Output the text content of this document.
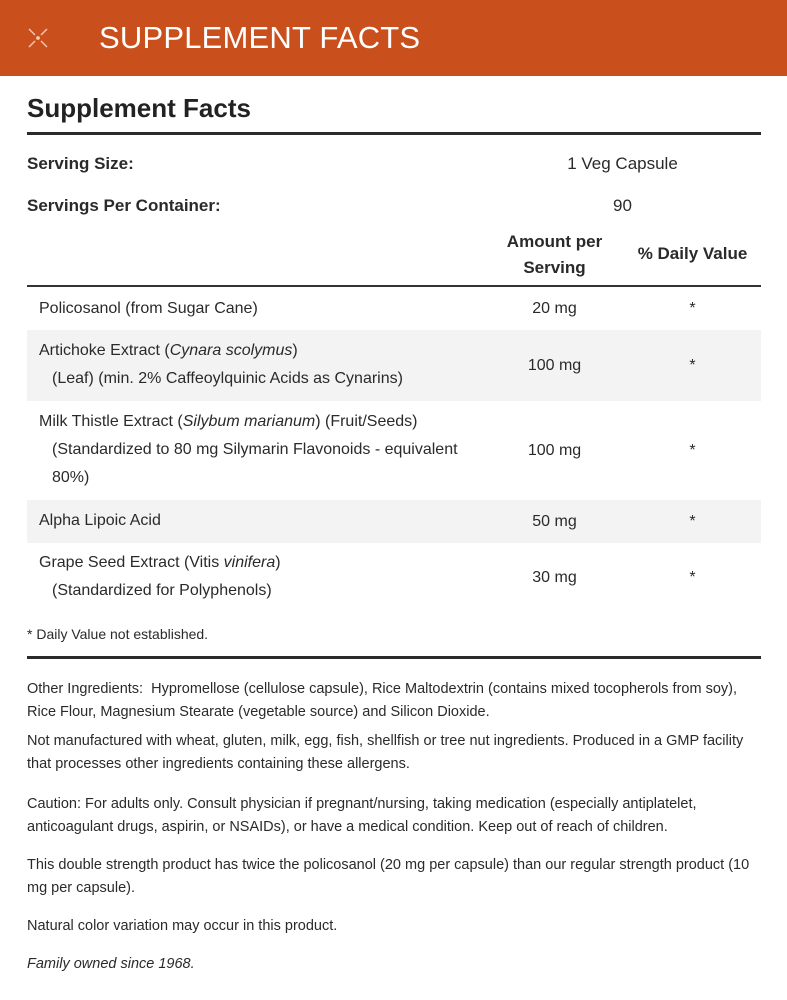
SUPPLEMENT FACTS
Supplement Facts
Serving Size:	1 Veg Capsule
Servings Per Container:	90
Amount per
Serving
% Daily Value
Policosanol (from Sugar Cane)	20 mg	*
Artichoke Extract (Cynara scolymus)
(Leaf) (min. 2% Caffeoylquinic Acids as Cynarins)
100 mg	*
Milk Thistle Extract (Silybum marianum) (Fruit/Seeds)
(Standardized to 80 mg Silymarin Flavonoids - equivalent
80%)
100 mg	*
Alpha Lipoic Acid	50 mg	*
Grape Seed Extract (Vitis vinifera)
(Standardized for Polyphenols)
30 mg	*
* Daily Value not established.
Other Ingredients: Hypromellose (cellulose capsule), Rice Maltodextrin (contains mixed tocopherols from soy), Rice Flour, Magnesium Stearate (vegetable source) and Silicon Dioxide.
Not manufactured with wheat, gluten, milk, egg, fish, shellfish or tree nut ingredients. Produced in a GMP facility that processes other ingredients containing these allergens.
Caution: For adults only. Consult physician if pregnant/nursing, taking medication (especially antiplatelet, anticoagulant drugs, aspirin, or NSAIDs), or have a medical condition. Keep out of reach of children.
This double strength product has twice the policosanol (20 mg per capsule) than our regular strength product (10 mg per capsule).
Natural color variation may occur in this product.
Family owned since 1968.
